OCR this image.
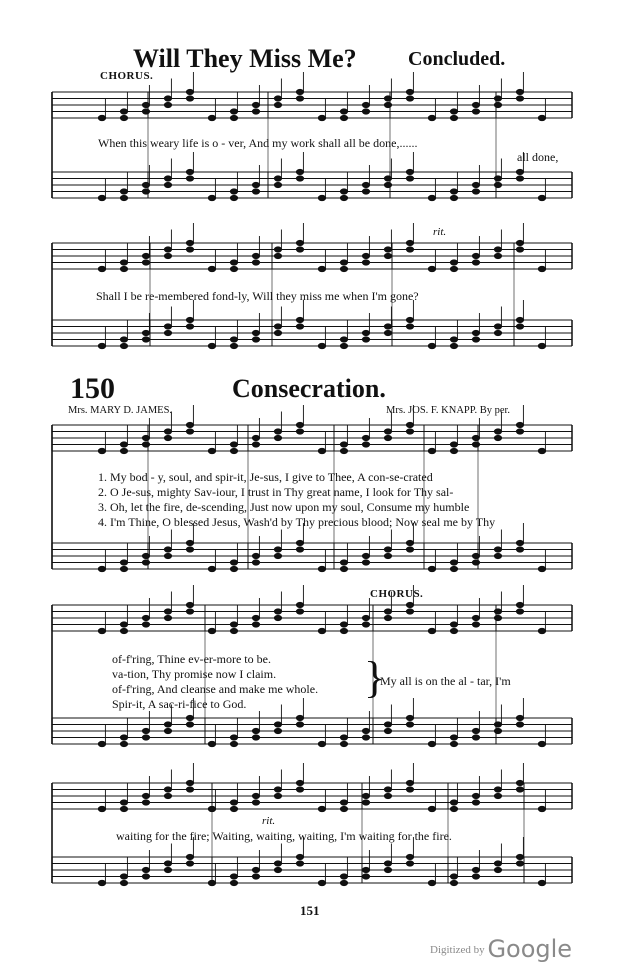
Will They Miss Me?	Concluded.
CHORUS.
When this weary life is o - ver, And my work shall all be done,......
all done,
Shall I be re-membered fond-ly, Will they miss me when I'm gone?
rit.
150	Consecration.
Mrs. MARY D. JAMES.	Mrs. JOS. F. KNAPP. By per.
1. My bod - y, soul, and spir-it, Je-sus, I give to Thee, A con-se-crated
2. O Je-sus, mighty Sav-iour, I trust in Thy great name, I look for Thy sal-
3. Oh, let the fire, de-scending, Just now upon my soul, Consume my humble
4. I'm Thine, O blessed Jesus, Wash'd by Thy precious blood; Now seal me by Thy
CHORUS.
of-f'ring, Thine ev-er-more to be.
va-tion, Thy promise now I claim.
of-f'ring, And cleanse and make me whole.
Spir-it, A sac-ri-fice to God.
}
My all is on the al - tar, I'm
waiting for the fire; Waiting, waiting, waiting, I'm waiting for the fire.
rit.
151
Digitized by Google
